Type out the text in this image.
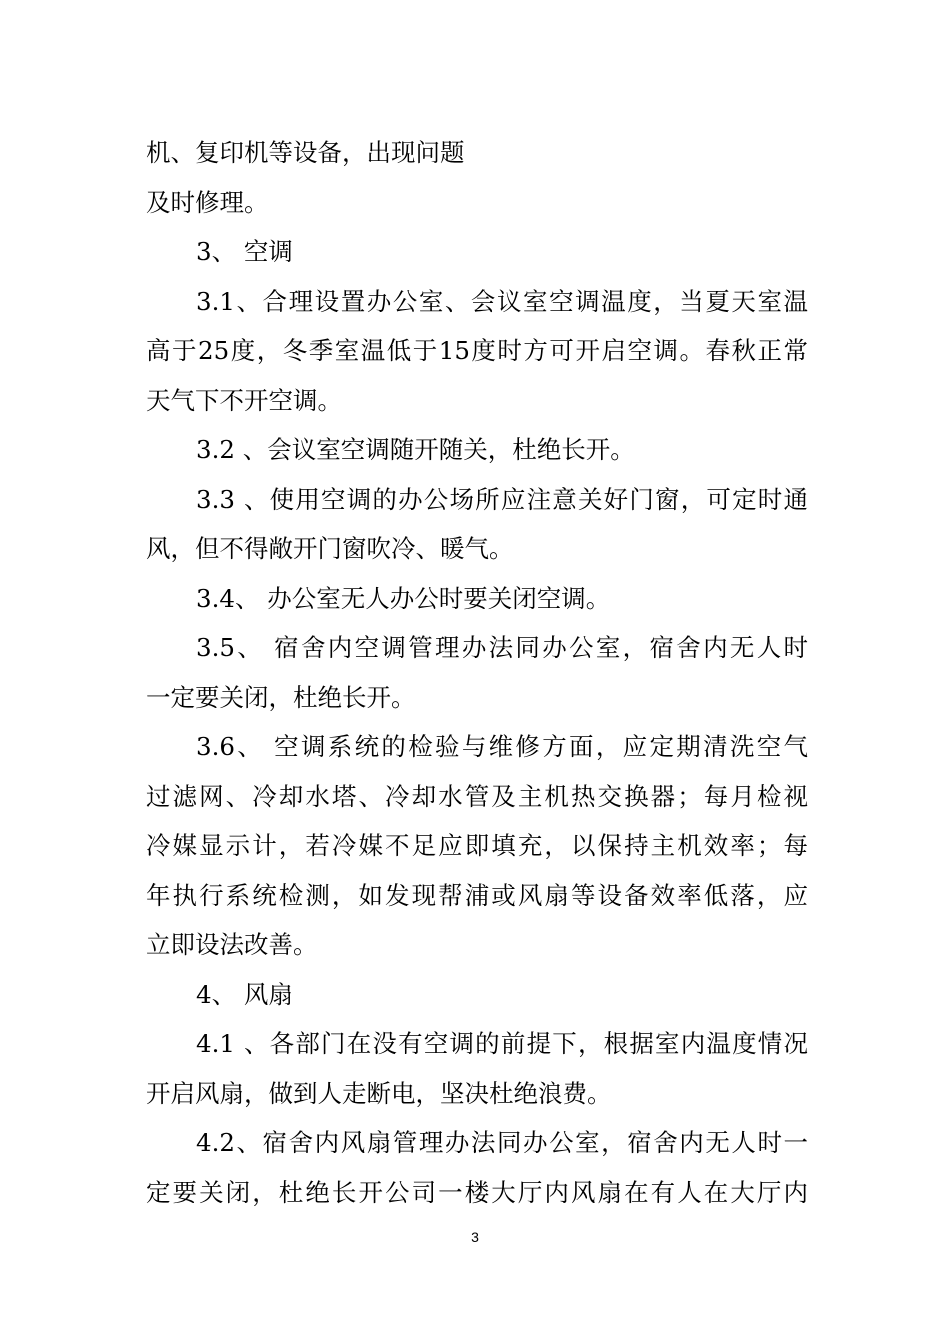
机、复印机等设备，出现问题
及时修理。
3、 空调
3.1、合理设置办公室、会议室空调温度，当夏天室温
高于25度，冬季室温低于15度时方可开启空调。春秋正常
天气下不开空调。
3.2 、会议室空调随开随关，杜绝长开。
3.3 、使用空调的办公场所应注意关好门窗，可定时通
风，但不得敞开门窗吹冷、暖气。
3.4、 办公室无人办公时要关闭空调。
3.5、 宿舍内空调管理办法同办公室，宿舍内无人时
一定要关闭，杜绝长开。
3.6、 空调系统的检验与维修方面，应定期清洗空气
过滤网、冷却水塔、冷却水管及主机热交换器；每月检视
冷媒显示计，若冷媒不足应即填充，以保持主机效率；每
年执行系统检测，如发现帮浦或风扇等设备效率低落，应
立即设法改善。
4、 风扇
4.1 、各部门在没有空调的前提下，根据室内温度情况
开启风扇，做到人走断电，坚决杜绝浪费。
4.2、宿舍内风扇管理办法同办公室，宿舍内无人时一
定要关闭，杜绝长开公司一楼大厅内风扇在有人在大厅内
3
